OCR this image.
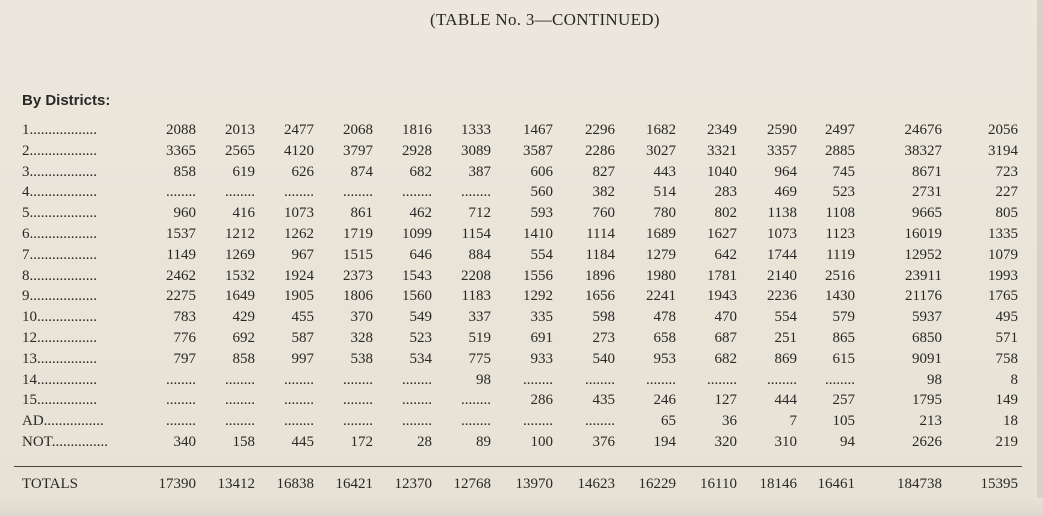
(TABLE No. 3—CONTINUED)
By Districts:
1..................	2088	2013	2477	2068	1816	1333	1467	2296	1682	2349	2590	2497	24676	2056
2..................	3365	2565	4120	3797	2928	3089	3587	2286	3027	3321	3357	2885	38327	3194
3..................	858	619	626	874	682	387	606	827	443	1040	964	745	8671	723
4..................	........	........	........	........	........	........	560	382	514	283	469	523	2731	227
5..................	960	416	1073	861	462	712	593	760	780	802	1138	1108	9665	805
6..................	1537	1212	1262	1719	1099	1154	1410	1114	1689	1627	1073	1123	16019	1335
7..................	1149	1269	967	1515	646	884	554	1184	1279	642	1744	1119	12952	1079
8..................	2462	1532	1924	2373	1543	2208	1556	1896	1980	1781	2140	2516	23911	1993
9..................	2275	1649	1905	1806	1560	1183	1292	1656	2241	1943	2236	1430	21176	1765
10................	783	429	455	370	549	337	335	598	478	470	554	579	5937	495
12................	776	692	587	328	523	519	691	273	658	687	251	865	6850	571
13................	797	858	997	538	534	775	933	540	953	682	869	615	9091	758
14................	........	........	........	........	........	98	........	........	........	........	........	........	98	8
15................	........	........	........	........	........	........	286	435	246	127	444	257	1795	149
AD................	........	........	........	........	........	........	........	........	65	36	7	105	213	18
NOT...............	340	158	445	172	28	89	100	376	194	320	310	94	2626	219
TOTALS	17390	13412	16838	16421	12370	12768	13970	14623	16229	16110	18146	16461	184738	15395
